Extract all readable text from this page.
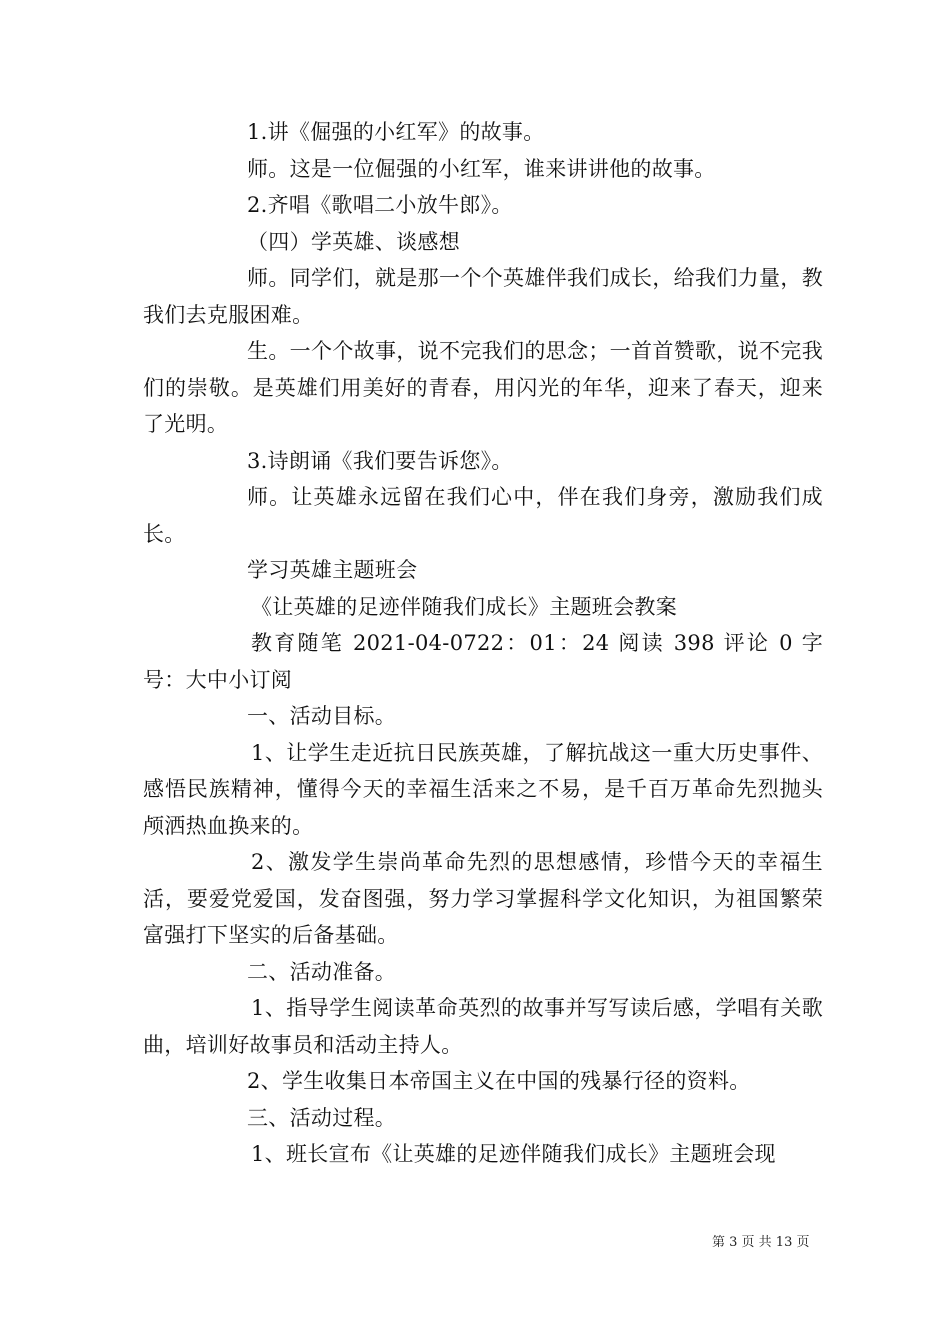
1.讲《倔强的小红军》的故事。

师。这是一位倔强的小红军，谁来讲讲他的故事。

2.齐唱《歌唱二小放牛郎》。

（四）学英雄、谈感想

师。同学们，就是那一个个英雄伴我们成长，给我们力量，教我们去克服困难。

生。一个个故事，说不完我们的思念；一首首赞歌，说不完我们的崇敬。是英雄们用美好的青春，用闪光的年华，迎来了春天，迎来了光明。

3.诗朗诵《我们要告诉您》。

师。让英雄永远留在我们心中，伴在我们身旁，激励我们成长。

学习英雄主题班会

《让英雄的足迹伴随我们成长》主题班会教案

教育随笔 2021-04-0722：01：24 阅读 398 评论 0 字号：大中小订阅

一、活动目标。

1、让学生走近抗日民族英雄，了解抗战这一重大历史事件、感悟民族精神，懂得今天的幸福生活来之不易，是千百万革命先烈抛头颅洒热血换来的。

2、激发学生崇尚革命先烈的思想感情，珍惜今天的幸福生活，要爱党爱国，发奋图强，努力学习掌握科学文化知识，为祖国繁荣富强打下坚实的后备基础。

二、活动准备。

1、指导学生阅读革命英烈的故事并写写读后感，学唱有关歌曲，培训好故事员和活动主持人。

2、学生收集日本帝国主义在中国的残暴行径的资料。

三、活动过程。

1、班长宣布《让英雄的足迹伴随我们成长》主题班会现

第 3 页 共 13 页
